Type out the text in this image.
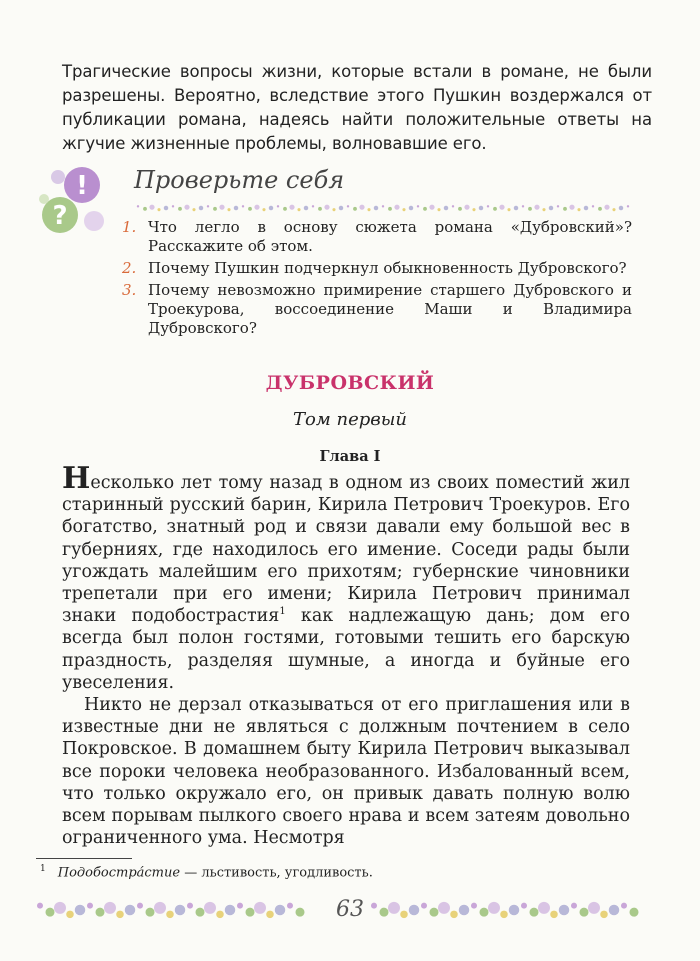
Трагические вопросы жизни, которые встали в романе, не были разрешены. Вероятно, вследствие этого Пушкин воздержался от публикации романа, надеясь найти положительные ответы на жгучие жизненные проблемы, волновавшие его.

!
?
Проверьте себя
1. Что легло в основу сюжета романа «Дубровский»? Расскажите об этом.
2. Почему Пушкин подчеркнул обыкновенность Дубровского?
3. Почему невозможно примирение старшего Дубровского и Троекурова, воссоединение Маши и Владимира Дубровского?
ДУБРОВСКИЙ
Том первый
Глава I

Несколько лет тому назад в одном из своих поместий жил старинный русский барин, Кирила Петрович Троекуров. Его богатство, знатный род и связи давали ему большой вес в губерниях, где находилось его имение. Соседи рады были угождать малейшим его прихотям; губернские чиновники трепетали при его имени; Кирила Петрович принимал знаки подобострастия$^1$ как надлежащую дань; дом его всегда был полон гостями, готовыми тешить его барскую праздность, разделяя шумные, а иногда и буйные его увеселения.

Никто не дерзал отказываться от его приглашения или в известные дни не являться с должным почтением в село Покровское. В домашнем быту Кирила Петрович выказывал все пороки человека необразованного. Избалованный всем, что только окружало его, он привык давать полную волю всем порывам пылкого своего нрава и всем затеям довольно ограниченного ума. Несмотря

$^1$ Подобостра́стие — льстивость, угодливость.
63
